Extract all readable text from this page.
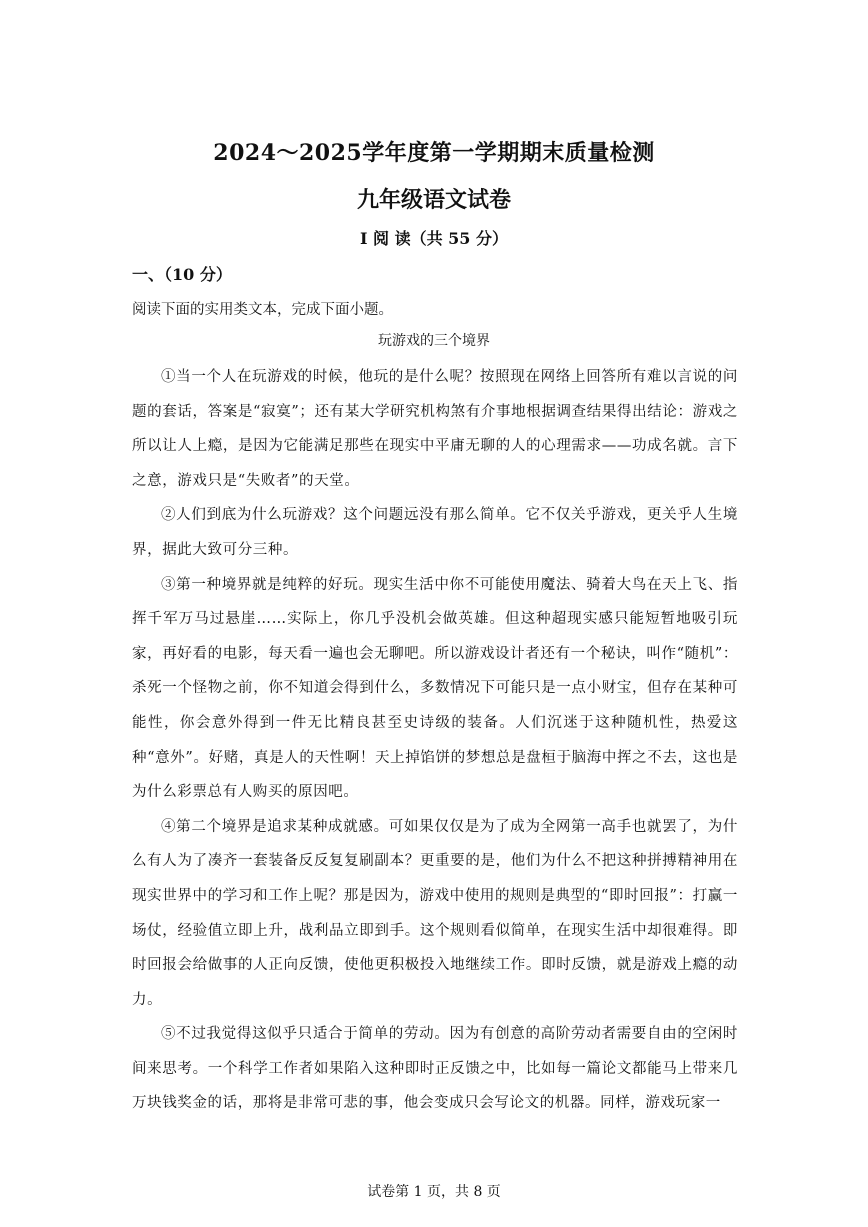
2024～2025学年度第一学期期末质量检测
九年级语文试卷
Ⅰ 阅 读（共 55 分）
一、（10 分）
阅读下面的实用类文本，完成下面小题。
玩游戏的三个境界

①当一个人在玩游戏的时候，他玩的是什么呢？按照现在网络上回答所有难以言说的问题的套话，答案是“寂寞”；还有某大学研究机构煞有介事地根据调查结果得出结论：游戏之所以让人上瘾，是因为它能满足那些在现实中平庸无聊的人的心理需求——功成名就。言下之意，游戏只是“失败者”的天堂。

②人们到底为什么玩游戏？这个问题远没有那么简单。它不仅关乎游戏，更关乎人生境界，据此大致可分三种。

③第一种境界就是纯粹的好玩。现实生活中你不可能使用魔法、骑着大鸟在天上飞、指挥千军万马过悬崖……实际上，你几乎没机会做英雄。但这种超现实感只能短暂地吸引玩家，再好看的电影，每天看一遍也会无聊吧。所以游戏设计者还有一个秘诀，叫作“随机”：杀死一个怪物之前，你不知道会得到什么，多数情况下可能只是一点小财宝，但存在某种可能性，你会意外得到一件无比精良甚至史诗级的装备。人们沉迷于这种随机性，热爱这种“意外”。好赌，真是人的天性啊！天上掉馅饼的梦想总是盘桓于脑海中挥之不去，这也是为什么彩票总有人购买的原因吧。

④第二个境界是追求某种成就感。可如果仅仅是为了成为全网第一高手也就罢了，为什么有人为了凑齐一套装备反反复复刷副本？更重要的是，他们为什么不把这种拼搏精神用在现实世界中的学习和工作上呢？那是因为，游戏中使用的规则是典型的“即时回报”：打赢一场仗，经验值立即上升，战利品立即到手。这个规则看似简单，在现实生活中却很难得。即时回报会给做事的人正向反馈，使他更积极投入地继续工作。即时反馈，就是游戏上瘾的动力。

⑤不过我觉得这似乎只适合于简单的劳动。因为有创意的高阶劳动者需要自由的空闲时间来思考。一个科学工作者如果陷入这种即时正反馈之中，比如每一篇论文都能马上带来几万块钱奖金的话，那将是非常可悲的事，他会变成只会写论文的机器。同样，游戏玩家一

试卷第 1 页，共 8 页
